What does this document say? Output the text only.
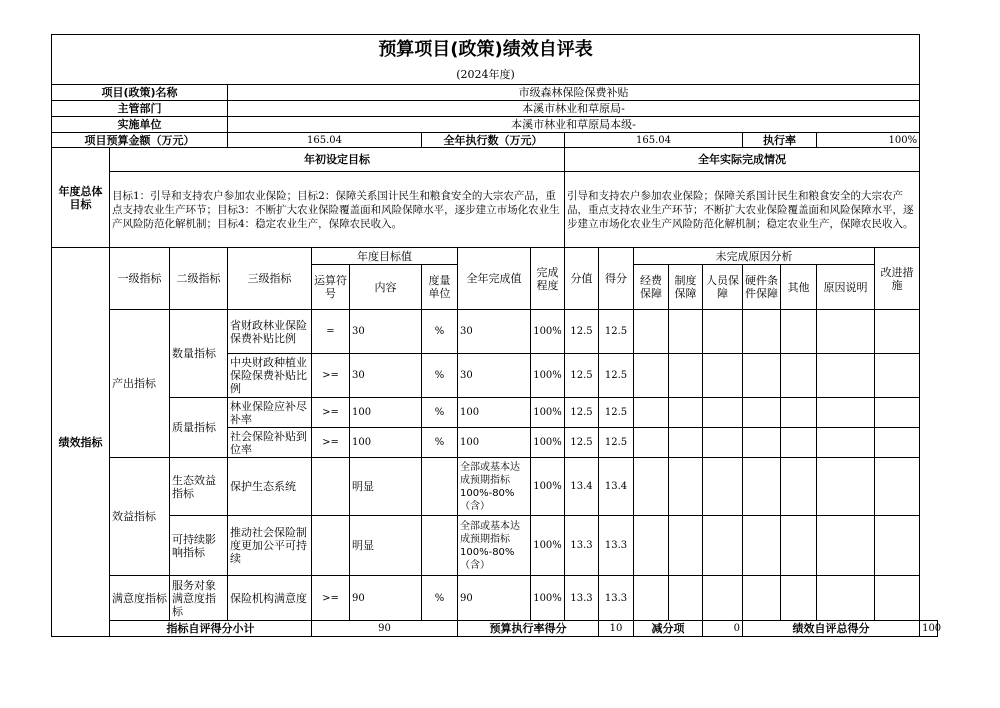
预算项目(政策)绩效自评表																		
(2024年度)																		
项目(政策)名称			市级森林保险保费补贴															
主管部门			本溪市林业和草原局-															
实施单位			本溪市林业和草原局本级-															
项目预算金额（万元）			165.04			全年执行数（万元）			165.04					执行率		100%		
年度总体目标	年初设定目标								全年实际完成情况									
	目标1：引导和支持农户参加农业保险；目标2：保障关系国计民生和粮食安全的大宗农产品，重点支持农业生产环节；目标3：不断扩大农业保险覆盖面和风险保障水平，逐步建立市场化农业生产风险防范化解机制；目标4：稳定农业生产，保障农民收入。								引导和支持农户参加农业保险；保障关系国计民生和粮食安全的大宗农产品，重点支持农业生产环节；不断扩大农业保险覆盖面和风险保障水平，逐步建立市场化农业生产风险防范化解机制；稳定农业生产，保障农民收入。									
绩效指标	一级指标	二级指标	三级指标	年度目标值			全年完成值	完成程度	分值	得分	未完成原因分析						改进措施	
				运算符号	内容	度量单位					经费保障	制度保障	人员保障	硬件条件保障	其他	原因说明		
	产出指标	数量指标	省财政林业保险保费补贴比例	=	30	%	30	100%	12.5	12.5								
			中央财政种植业保险保费补贴比例	>=	30	%	30	100%	12.5	12.5								
		质量指标	林业保险应补尽补率	>=	100	%	100	100%	12.5	12.5								
			社会保险补贴到位率	>=	100	%	100	100%	12.5	12.5								
	效益指标	生态效益指标	保护生态系统		明显		全部或基本达成预期指标100%-80%（含）	100%	13.4	13.4								
		可持续影响指标	推动社会保险制度更加公平可持续		明显		全部或基本达成预期指标100%-80%（含）	100%	13.3	13.3								
	满意度指标	服务对象满意度指标	保险机构满意度	>=	90	%	90	100%	13.3	13.3								
	指标自评得分小计			90			预算执行率得分			10	减分项		0	绩效自评总得分				100
